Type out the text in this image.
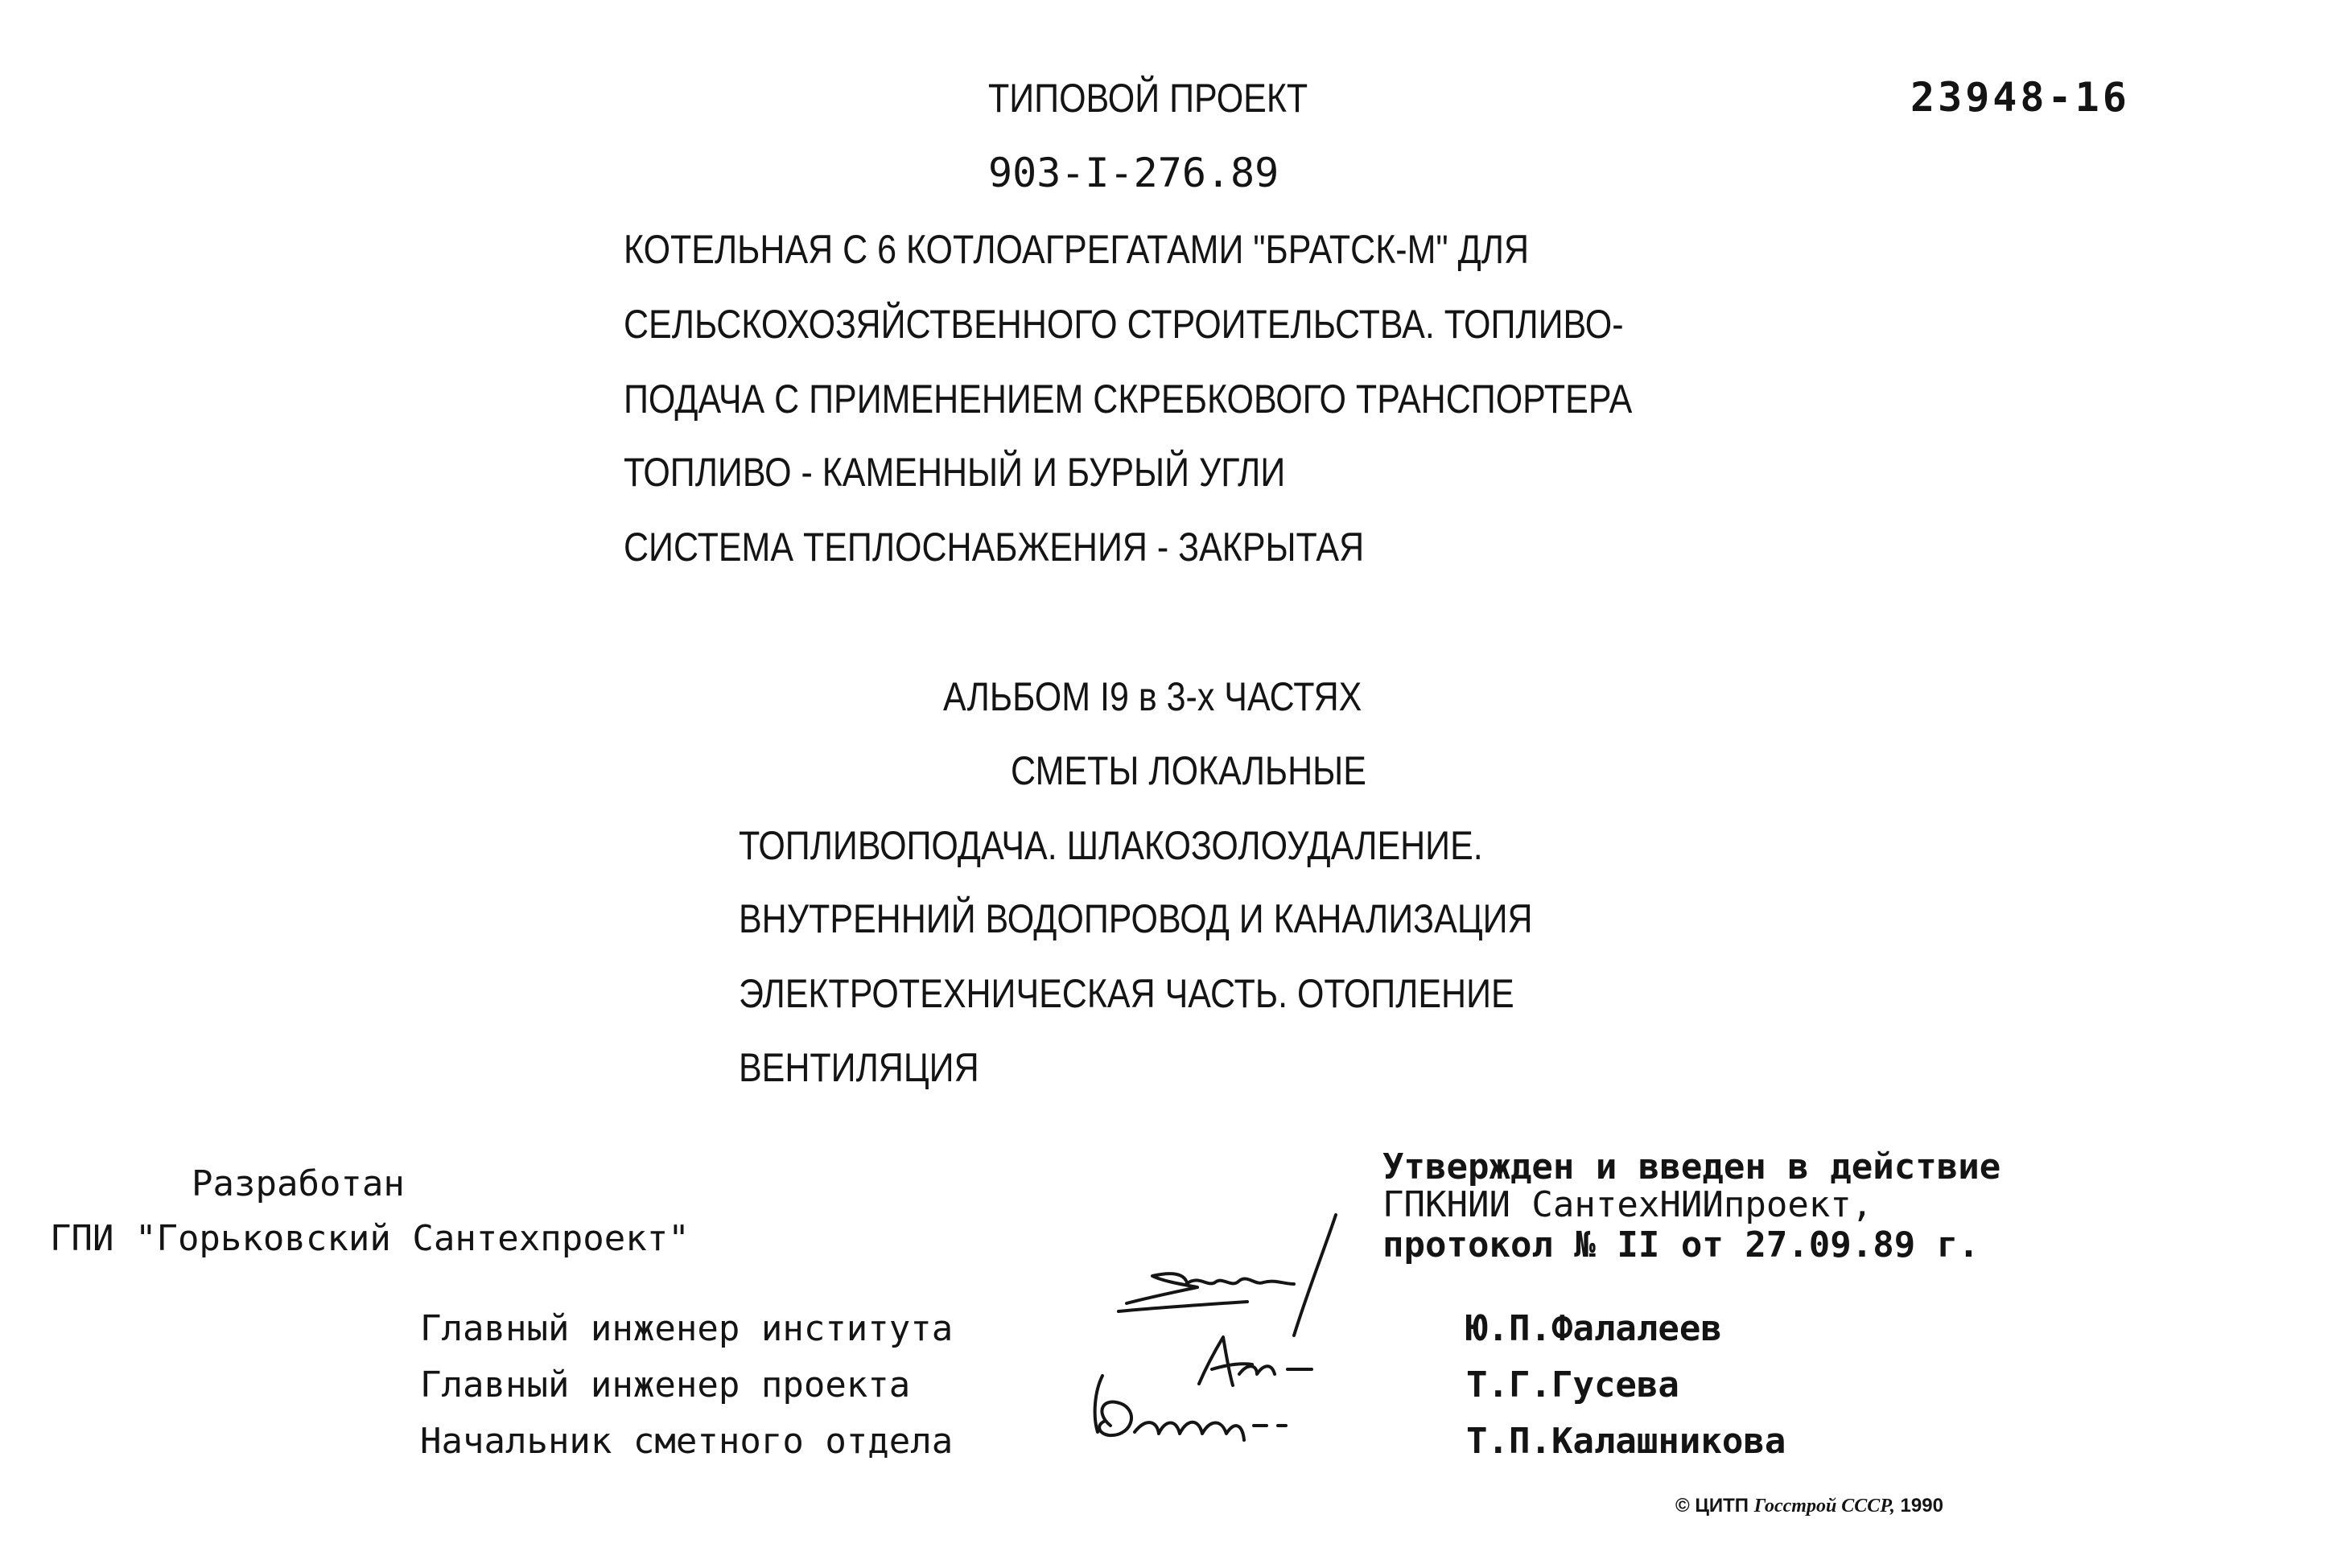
ТИПОВОЙ ПРОЕКТ
903-I-276.89
23948-16
КОТЕЛЬНАЯ С 6 КОТЛОАГРЕГАТАМИ "БРАТСК-М" ДЛЯ
СЕЛЬСКОХОЗЯЙСТВЕННОГО СТРОИТЕЛЬСТВА. ТОПЛИВО-
ПОДАЧА С ПРИМЕНЕНИЕМ СКРЕБКОВОГО ТРАНСПОРТЕРА
ТОПЛИВО - КАМЕННЫЙ И БУРЫЙ УГЛИ
СИСТЕМА ТЕПЛОСНАБЖЕНИЯ - ЗАКРЫТАЯ
АЛЬБОМ I9 в 3-х ЧАСТЯХ
СМЕТЫ ЛОКАЛЬНЫЕ
ТОПЛИВОПОДАЧА. ШЛАКОЗОЛОУДАЛЕНИЕ.
ВНУТРЕННИЙ ВОДОПРОВОД И КАНАЛИЗАЦИЯ
ЭЛЕКТРОТЕХНИЧЕСКАЯ ЧАСТЬ. ОТОПЛЕНИЕ
ВЕНТИЛЯЦИЯ
Разработан
ГПИ "Горьковский Сантехпроект"
Утвержден и введен в действие
ГПКНИИ СантехНИИпроект,
протокол № II от 27.09.89 г.
Главный инженер института
Главный инженер проекта
Начальник сметного отдела
Ю.П.Фалалеев
Т.Г.Гусева
Т.П.Калашникова
© ЦИТП Госстрой СССР, 1990
